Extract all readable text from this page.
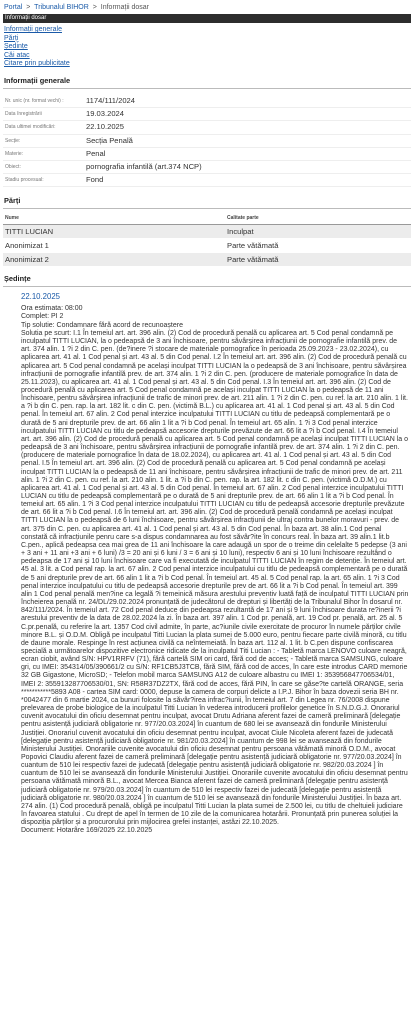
Portal > Tribunalul BIHOR > Informații dosar
Informații dosar
Informații generale
Părți
Ședințe
Căi atac
Citare prin publicitate
Informații generale
Nr. unic (nr. format vechi) :	1174/111/2024
Data înregistrării	19.03.2024
Data ultimei modificări:	22.10.2025
Secție:	Secția Penală
Materie:	Penal
Obiect:	pornografia infantilă (art.374 NCP)
Stadiu procesual:	Fond
Părți
Nume	Calitate parte
TITTI LUCIAN	Inculpat
Anonimizat 1	Parte vătămată
Anonimizat 2	Parte vătămată
Ședințe
22.10.2025
Ora estimata: 08:00
Complet: PI 2
Tip solutie: Condamnare fără acord de recunoaștere
Solutia pe scurt: I.1 În temeiul art. art. 396 alin. (2) Cod de procedură penală cu aplicarea art. 5 Cod penal condamnă pe inculpatul TITTI LUCIAN, la o pedeapsă de 3 ani închisoare, pentru săvârșirea infracțiunii de pornografie infantilă prev. de art. 374 alin. 1 ?i 2 din C. pen. (de?inere ?i stocare de materiale pornografice în perioada 25.09.2023 - 23.02.2024), cu aplicarea art. 41 al. 1 Cod penal și art. 43 al. 5 din Cod penal. I.2 În temeiul art. art. 396 alin. (2) Cod de procedură penală cu aplicarea art. 5 Cod penal condamnă pe același inculpat TITTI LUCIAN la o pedeapsă de 3 ani închisoare, pentru săvârșirea infracțiunii de pornografie infantilă prev. de art. 374 alin. 1 ?i 2 din C. pen. (producere de materiale pornografice în data de 25.11.2023), cu aplicarea art. 41 al. 1 Cod penal și art. 43 al. 5 din Cod penal. I.3 În temeiul art. art. 396 alin. (2) Cod de procedură penală cu aplicarea art. 5 Cod penal condamnă pe același inculpat TITTI LUCIAN la o pedeapsă de 11 ani închisoare, pentru săvârșirea infracțiunii de trafic de minori prev. de art. 211 alin. 1 ?i 2 din C. pen. cu ref. la art. 210 alin. 1 lit. a ?i b din C. pen. rap. la art. 182 lit. c din C. pen. (victimă B.L.) cu aplicarea art. 41 al. 1 Cod penal și art. 43 al. 5 din Cod penal. În temeiul art. 67 alin. 2 Cod penal interzice inculpatului TITTI LUCIAN cu titlu de pedeapsă complementară pe o durată de 5 ani drepturile prev. de art. 66 alin 1 lit a ?i b Cod penal. În temeiul art. 65 alin. 1 ?i 3 Cod penal interzice inculpatului TITTI LUCIAN cu titlu de pedeapsă accesorie drepturile prevăzute de art. 66 lit a ?i b Cod penal. I.4 În temeiul art. art. 396 alin. (2) Cod de procedură penală cu aplicarea art. 5 Cod penal condamnă pe același inculpat TITTI LUCIAN la o pedeapsă de 3 ani închisoare, pentru săvârșirea infracțiunii de pornografie infantilă prev. de art. 374 alin. 1 ?i 2 din C. pen. (producere de materiale pornografice în data de 18.02.2024), cu aplicarea art. 41 al. 1 Cod penal și art. 43 al. 5 din Cod penal. I.5 În temeiul art. art. 396 alin. (2) Cod de procedură penală cu aplicarea art. 5 Cod penal condamnă pe același inculpat TITTI LUCIAN la o pedeapsă de 11 ani închisoare, pentru săvârșirea infracțiunii de trafic de minori prev. de art. 211 alin. 1 ?i 2 din C. pen. cu ref. la art. 210 alin. 1 lit. a ?i b din C. pen. rap. la art. 182 lit. c din C. pen. (victimă O.D.M.) cu aplicarea art. 41 al. 1 Cod penal și art. 43 al. 5 din Cod penal. În temeiul art. 67 alin. 2 Cod penal interzice inculpatului TITTI LUCIAN cu titlu de pedeapsă complementară pe o durată de 5 ani drepturile prev. de art. 66 alin 1 lit a ?i b Cod penal. În temeiul art. 65 alin. 1 ?i 3 Cod penal interzice inculpatului TITTI LUCIAN cu titlu de pedeapsă accesorie drepturile prevăzute de art. 66 lit a ?i b Cod penal. I.6 În temeiul art. art. 396 alin. (2) Cod de procedură penală condamnă pe același inculpat TITTI LUCIAN la o pedeapsă de 6 luni închisoare, pentru săvârșirea infracțiunii de ultraj contra bunelor moravuri - prev. de art. 375 din C. pen. cu aplicarea art. 41 al. 1 Cod penal și art. 43 al. 5 din Cod penal. În baza art. 38 alin.1 Cod penal constată că infracțiunile penru care s-a dispus condamnarea au fost săvâr?ite în concurs real. În baza art. 39 alin.1 lit.b C.pen., aplică pedeapsa cea mai grea de 11 ani închisoare la care adaugă un spor de o treime din celelalte 5 pedepse (3 ani + 3 ani + 11 ani +3 ani + 6 luni) /3 = 20 ani și 6 luni / 3 = 6 ani și 10 luni), respectiv 6 ani și 10 luni închisoare rezultând o pedeapsa de 17 ani și 10 luni închisoare care va fi executată de inculpatul TITTI LUCIAN în regim de detenție. În temeiul art. 45 al. 3 lit. a Cod penal rap. la art. 67 alin. 2 Cod penal interzice inculpatului cu titlu de pedeapsă complementară pe o durată de 5 ani drepturile prev de art. 66 alin 1 lit a ?i b Cod penal. În temeiul art. 45 al. 5 Cod penal rap. la art. 65 alin. 1 ?i 3 Cod penal interzice inculpatului cu titlu de pedeapsă accesorie drepturile prev de art. 66 lit a ?i b Cod penal. În temeiul art. 399 alin 1 Cod penal penală men?ine ca legală ?i temeinică măsura arestului preventiv luată față de inculpatul TITTI LUCIAN prin încheierea penală nr. 24/DL/29.02.2024 pronunțată de judecătorul de drepturi și libertăți de la Tribunalul Bihor în dosarul nr. 842/111/2024. În temeiul art. 72 Cod penal deduce din pedeapsa rezultantă de 17 ani și 9 luni închisoare durata re?inerii ?i arestului preventiv de la data de 28.02.2024 la zi. În baza art. 397 alin. 1 Cod pr. penală, art. 19 Cod pr. penală, art. 25 al. 5 C.pr.penală, cu referire la art. 1357 Cod civil admite, în parte, ac?iunile civile exercitate de procuror în numele părților civile minore B.L. și O.D.M. Obligă pe inculpatul Titti Lucian la plata sumei de 5.000 euro, pentru fiecare parte civilă minoră, cu titlu de daune morale. Respinge în rest acțiunea civilă ca neîntemeiată. În baza art. 112 al. 1 lit. b C.pen dispune confiscarea specială a următoarelor dispozitive electronice ridicate de la inculpatul Titi Lucian : - Tabletă marca LENOVO culoare neagră, ecran ciobit, având S/N: HPV1RRFV (71), fără cartelă SIM ori card, fără cod de acces; - Tabletă marca SAMSUNG, culoare gri, cu IMEI: 354314/05/390661/2 cu S/N: RF1CB5J3TCB, fără SIM, fără cod de acces, în care este introdus CARD memorie 32 GB Gigastone, MicroSD; - Telefon mobil marca SAMSUNG A12 de culoare albastru cu IMEI 1: 353956847706534/01, IMEI 2: 355913287706530/01, SN: R58R37DZ2TX, fără cod de acces, fără PIN, în care se găse?te cartelă ORANGE, seria ***********5893 A08 - cartea SIM card: 0000, depuse la camera de corpuri delicte a I.P.J. Bihor în baza dovezii seria BH nr. *0042477 din 6 martie 2024, ca bunuri folosite la săvâr?irea infrac?iunii, În temeiul art. 7 din Legea nr. 76/2008 dispune prelevarea de probe biologice de la inculpatul Titti Lucian în vederea introducerii profilelor genetice în S.N.D.G.J. Onorariul cuvenit avocatului din oficiu desemnat pentru inculpat, avocat Drutu Adriana aferent fazei de cameră preliminară [delegație pentru asistență judiciară obligatorie nr. 977/20.03.2024] în cuantum de 680 lei se avansează din fondurile Ministerului Justiției. Onorariul cuvenit avocatului din oficiu desemnat pentru inculpat, avocat Ciule Nicoleta aferent fazei de judecată [delegație pentru asistență judiciară obligatorie nr. 981/20.03.2024] în cuantum de 998 lei se avansează din fondurile Ministerului Justiției. Onorariile cuvenite avocatului din oficiu desemnat pentru persoana vătămată minoră O.D.M., avocat Popovici Claudiu aferent fazei de cameră preliminară [delegație pentru asistență judiciară obligatorie nr. 977/20.03.2024] în cuantum de 510 lei respectiv fazei de judecată [delegație pentru asistență judiciară obligatorie nr. 982/20.03.2024 ] în cuantum de 510 lei se avansează din fondurile Ministerului Justiției. Onorariile cuvenite avocatului din oficiu desemnat pentru persoana vătămată minoră B.L., avocat Mercea Bianca aferent fazei de cameră preliminară [delegație pentru asistență judiciară obligatorie nr. 979/20.03.2024] în cuantum de 510 lei respectiv fazei de judecată [delegație pentru asistență judiciară obligatorie nr. 980/20.03.2024 ] în cuantum de 510 lei se avansează din fondurile Ministerului Justiției. În baza art. 274 alin. (1) Cod procedură penală, obligă pe inculpatul Titti Lucian la plata sumei de 2.500 lei, cu titlu de cheltuieli judiciare în favoarea statului . Cu drept de apel în termen de 10 zile de la comunicarea hotarârii. Pronunțată prin punerea soluției la dispoziția părților și a procurorului prin mijlocirea grefei instanței, astăzi 22.10.2025.
Document: Hotarâre 169/2025 22.10.2025
